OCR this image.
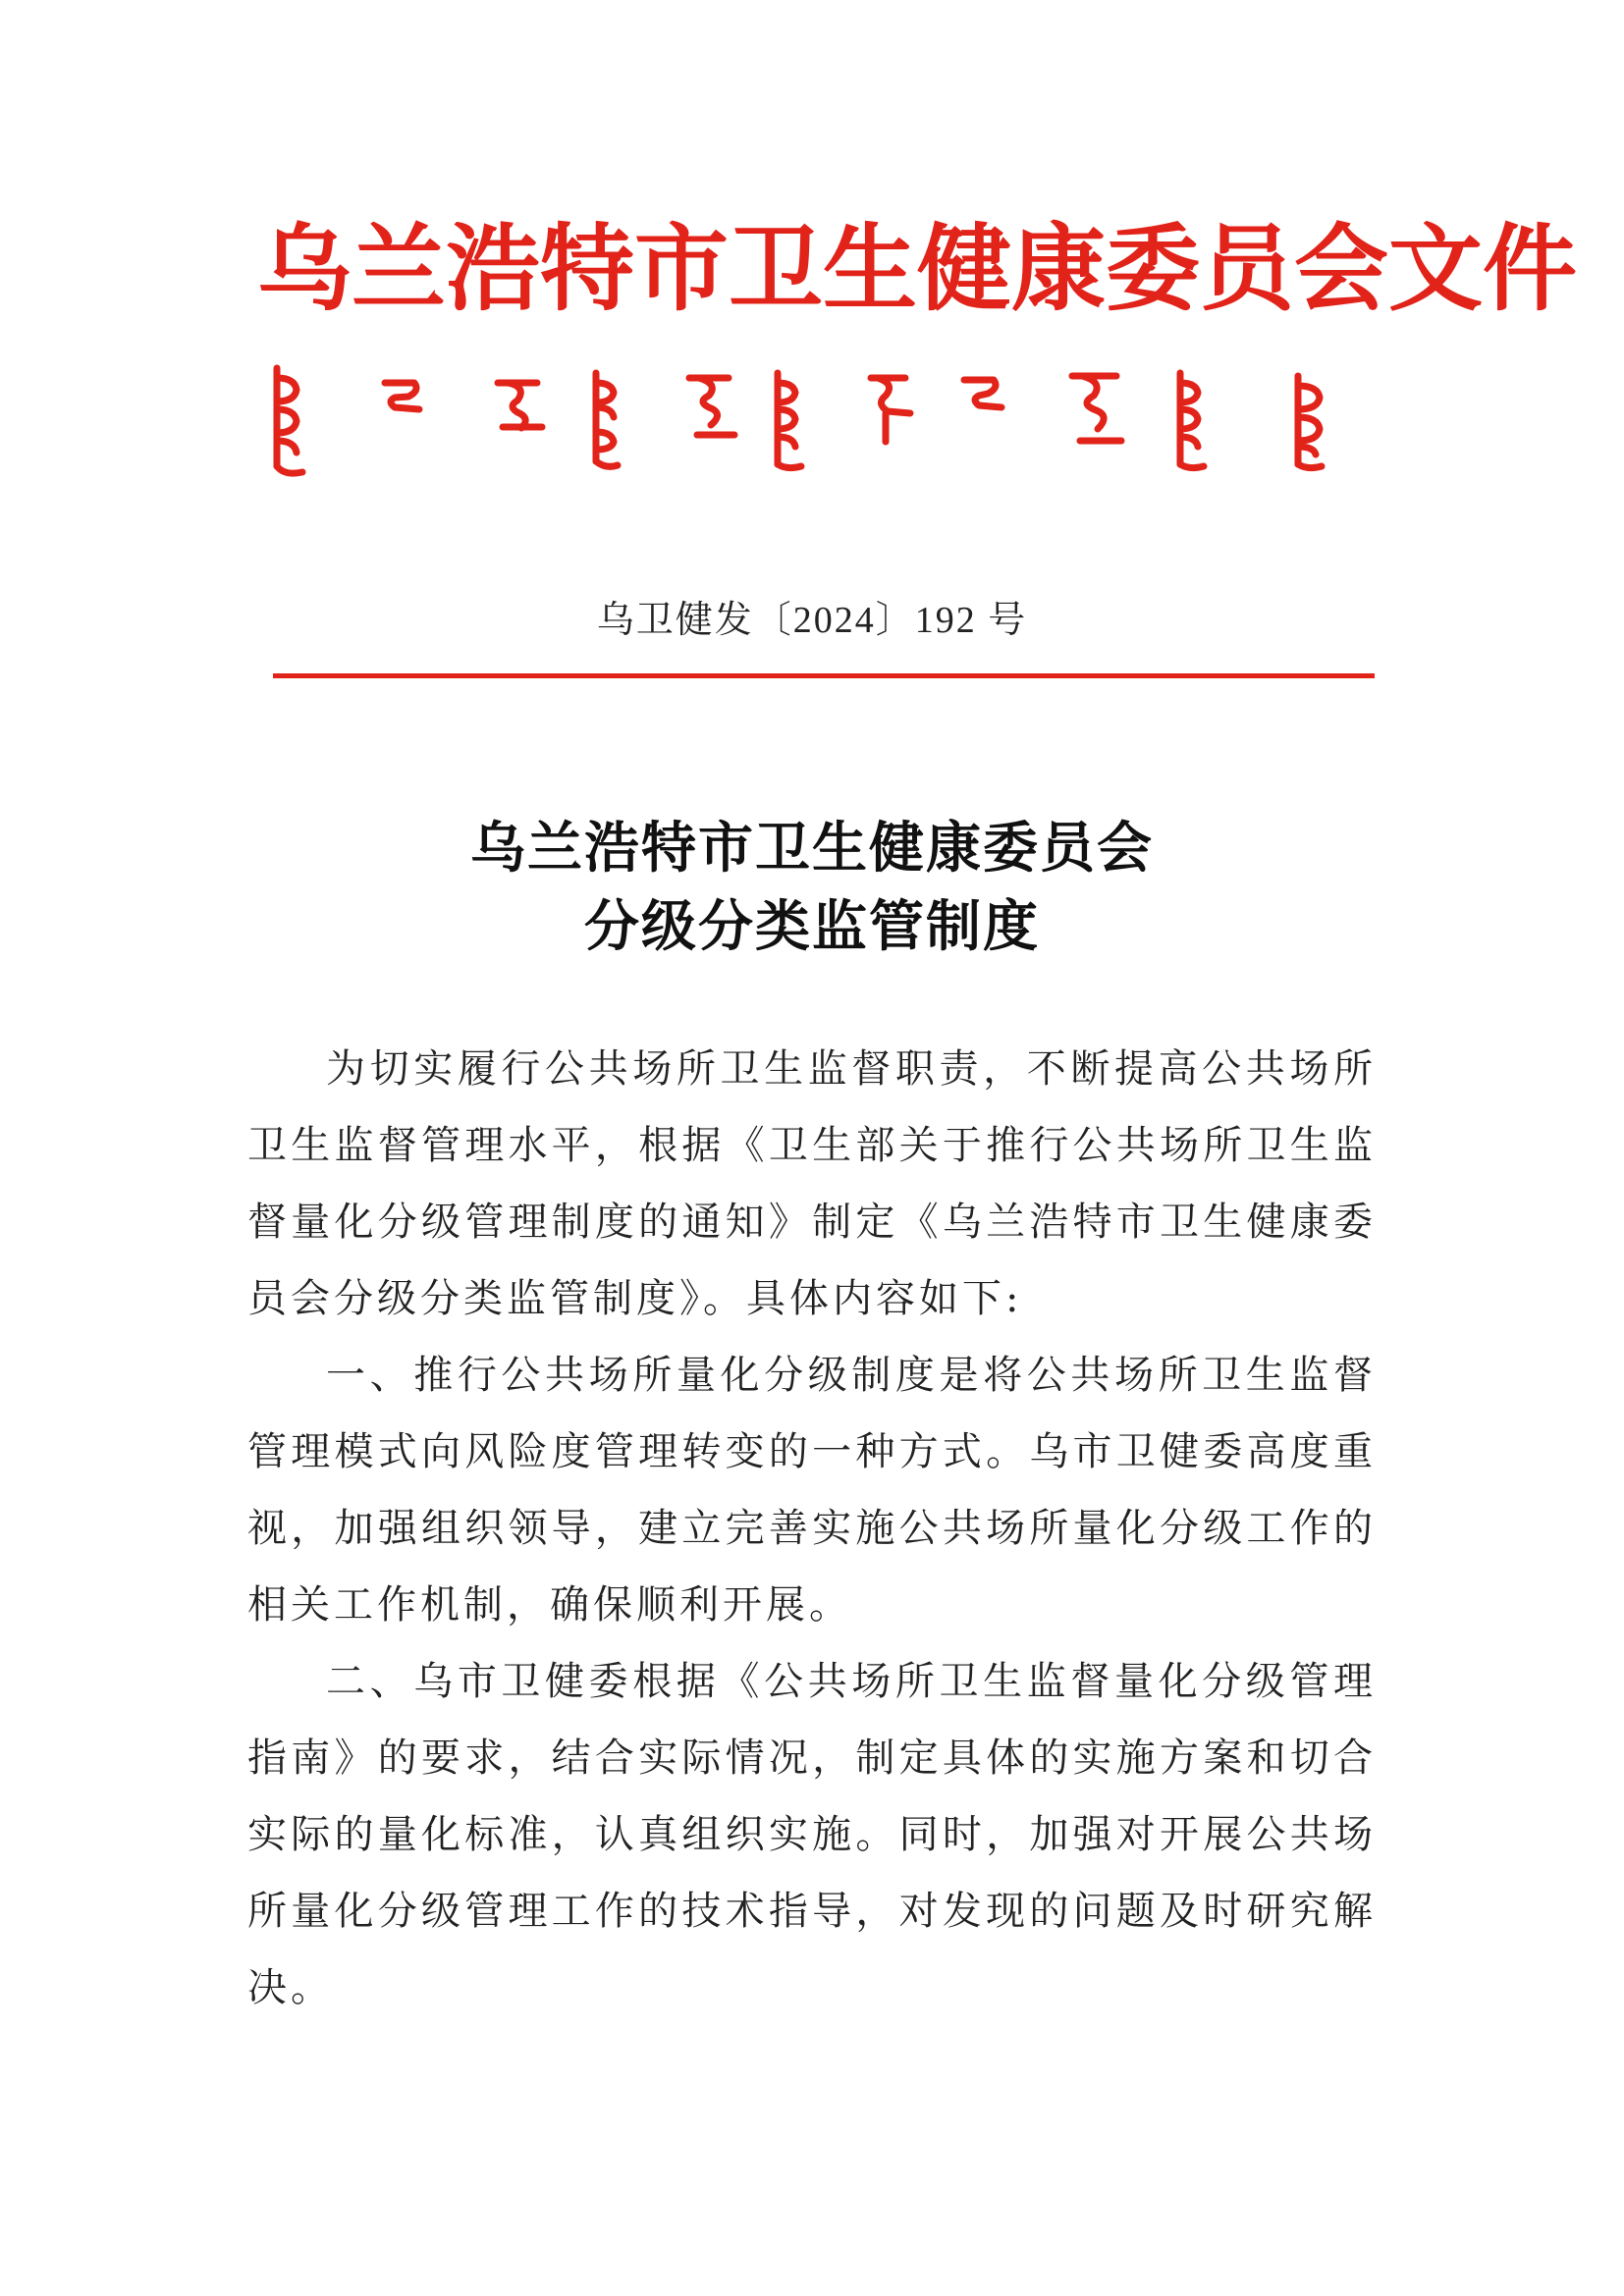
乌兰浩特市卫生健康委员会文件
乌卫健发〔2024〕192 号
乌兰浩特市卫生健康委员会
分级分类监管制度

为切实履行公共场所卫生监督职责，不断提高公共场所卫生监督管理水平，根据《卫生部关于推行公共场所卫生监督量化分级管理制度的通知》制定《乌兰浩特市卫生健康委员会分级分类监管制度》。具体内容如下:

一、推行公共场所量化分级制度是将公共场所卫生监督管理模式向风险度管理转变的一种方式。乌市卫健委高度重视，加强组织领导，建立完善实施公共场所量化分级工作的相关工作机制，确保顺利开展。

二、乌市卫健委根据《公共场所卫生监督量化分级管理指南》的要求，结合实际情况，制定具体的实施方案和切合实际的量化标准，认真组织实施。同时，加强对开展公共场所量化分级管理工作的技术指导，对发现的问题及时研究解决。
